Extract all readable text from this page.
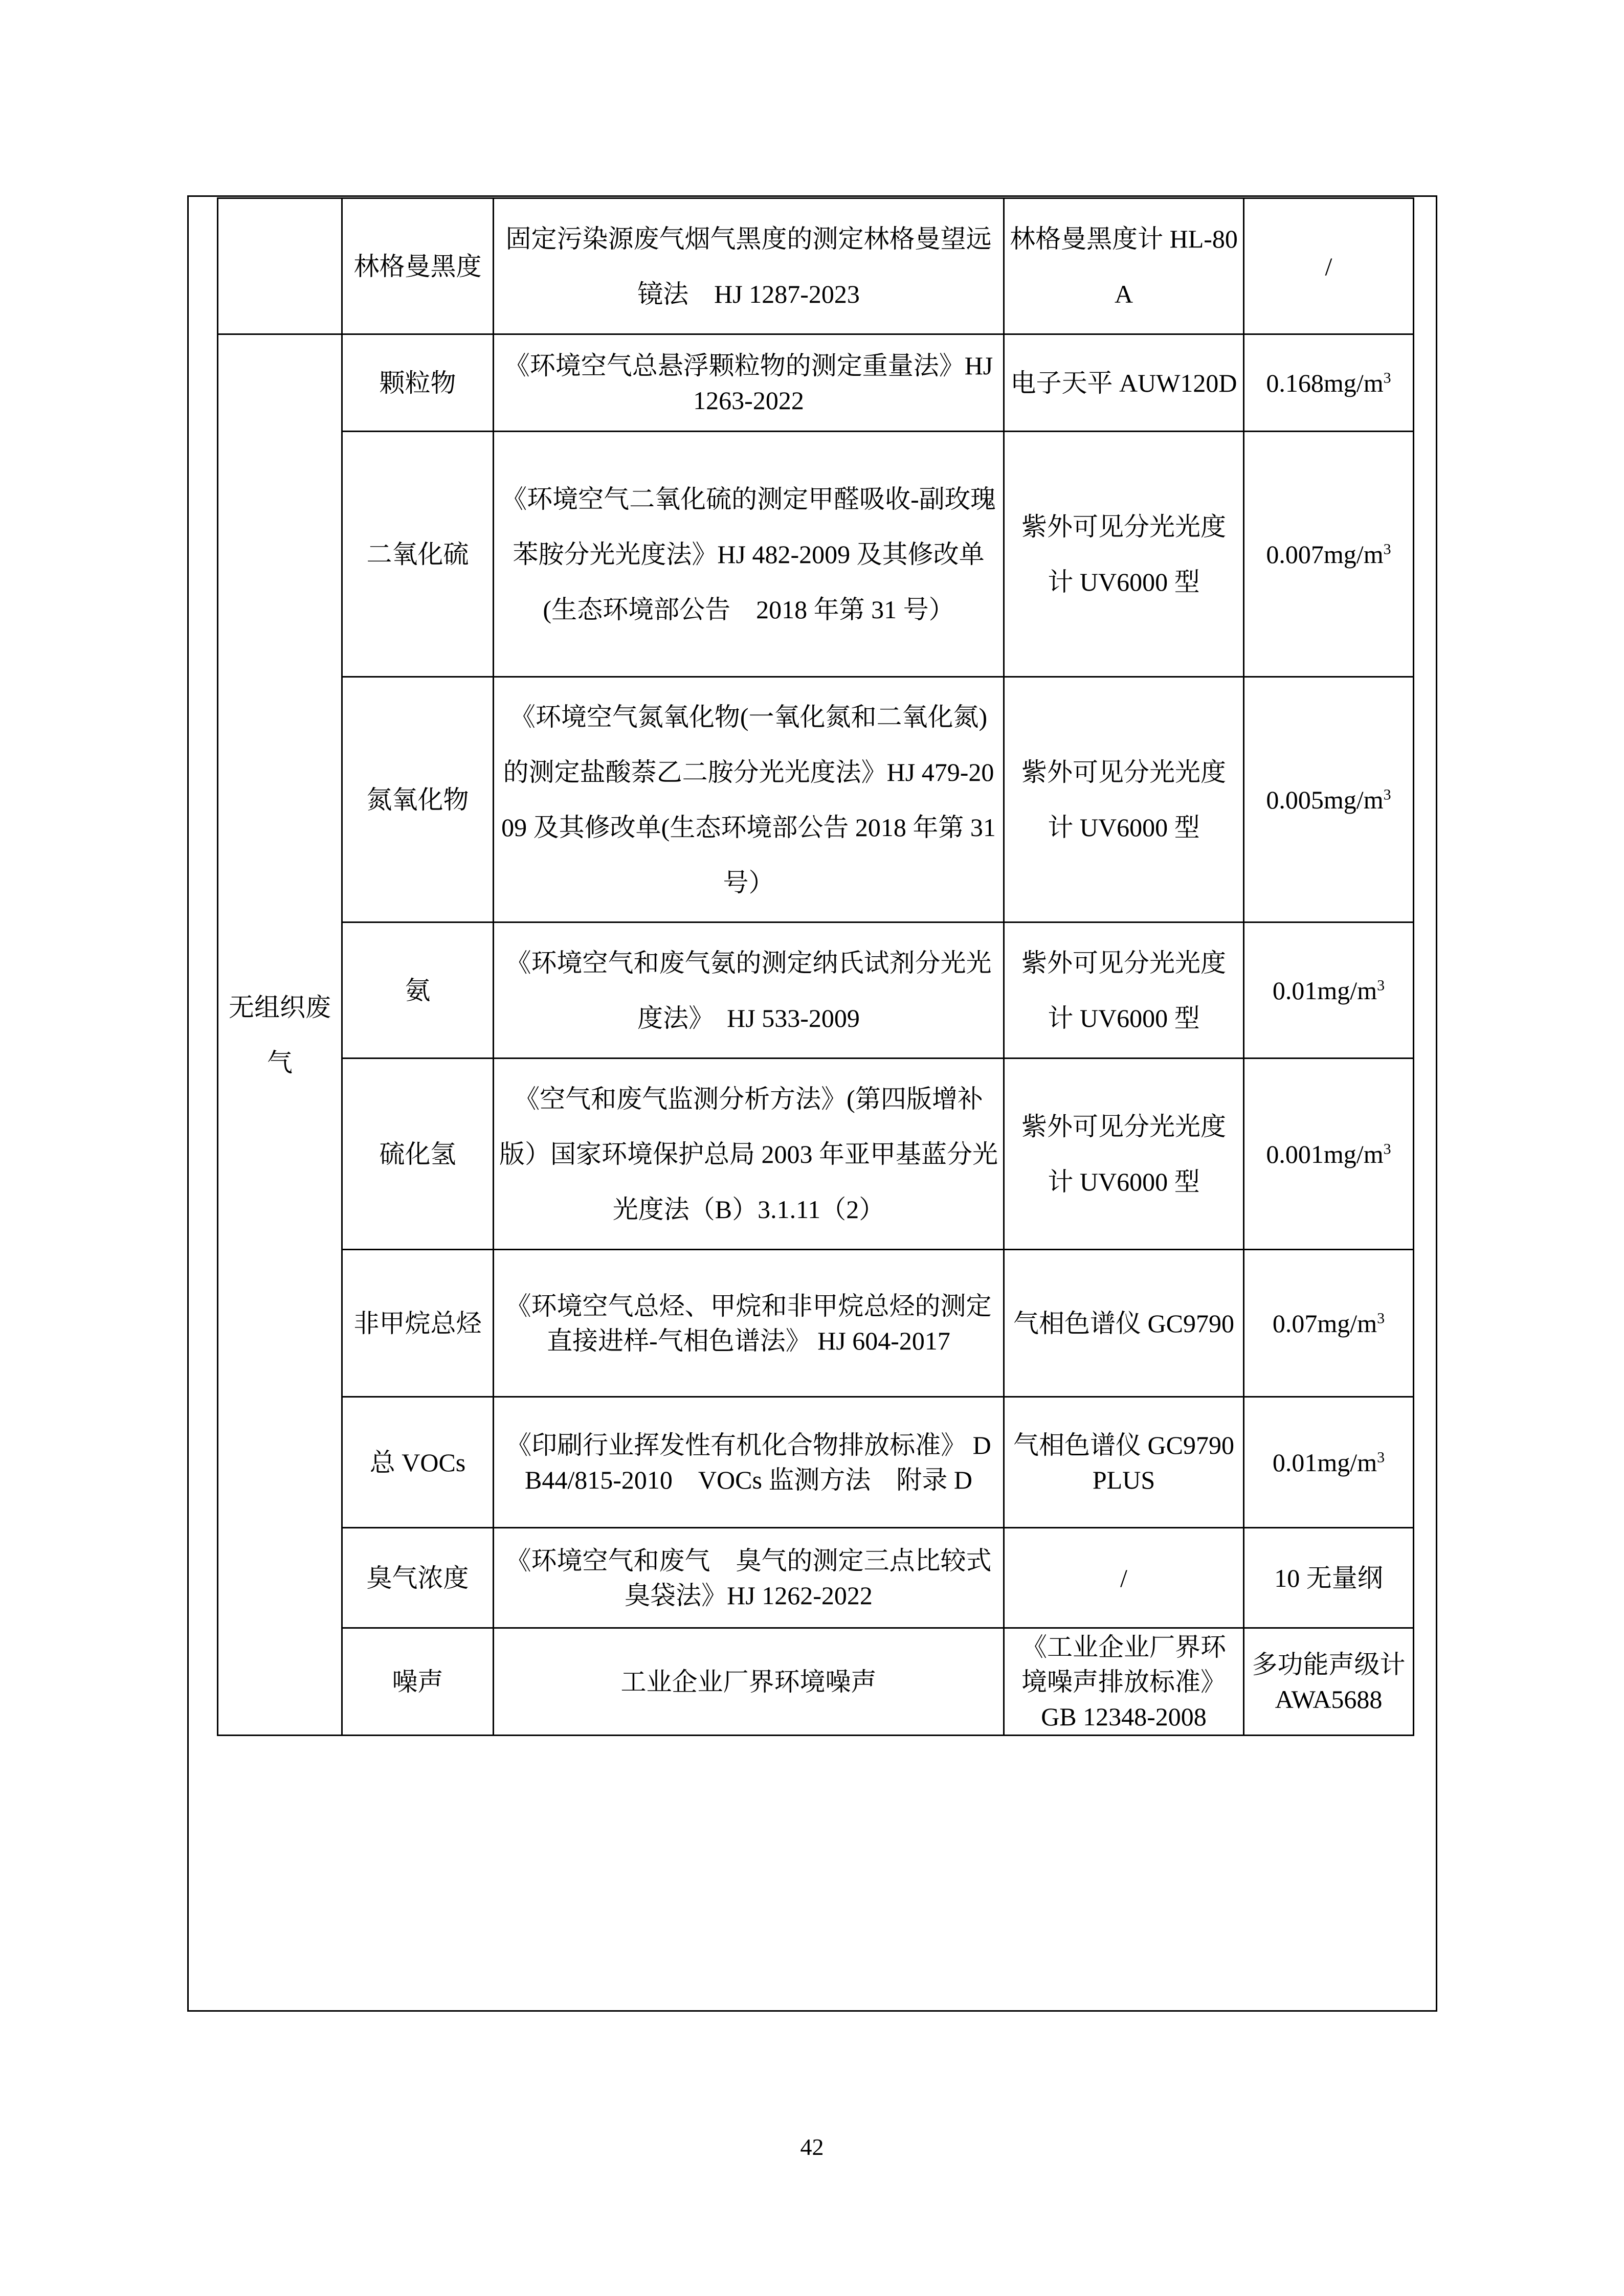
	林格曼黑度	固定污染源废气烟气黑度的测定林格曼望远镜法　HJ 1287-2023	林格曼黑度计 HL-80A	/	
无组织废气	颗粒物	《环境空气总悬浮颗粒物的测定重量法》HJ 1263-2022	电子天平 AUW120D	$0.168mg/m^3$
	二氧化硫	《环境空气二氧化硫的测定甲醛吸收-副玫瑰苯胺分光光度法》HJ 482-2009 及其修改单(生态环境部公告　2018 年第 31 号）	紫外可见分光光度计 UV6000 型	$0.007mg/m^3$
	氮氧化物	《环境空气氮氧化物(一氧化氮和二氧化氮)的测定盐酸萘乙二胺分光光度法》HJ 479-2009 及其修改单(生态环境部公告 2018 年第 31 号）	紫外可见分光光度计 UV6000 型	$0.005mg/m^3$
	氨	《环境空气和废气氨的测定纳氏试剂分光光度法》　HJ 533-2009	紫外可见分光光度计 UV6000 型	$0.01mg/m^3$
	硫化氢	《空气和废气监测分析方法》(第四版增补版）国家环境保护总局 2003 年亚甲基蓝分光光度法（B）3.1.11（2）	紫外可见分光光度计 UV6000 型	$0.001mg/m^3$
	非甲烷总烃	《环境空气总烃、甲烷和非甲烷总烃的测定直接进样-气相色谱法》 HJ 604-2017	气相色谱仪 GC9790	$0.07mg/m^3$
	总 VOCs	《印刷行业挥发性有机化合物排放标准》 DB44/815-2010　VOCs 监测方法　附录 D	气相色谱仪 GC9790 PLUS	$0.01mg/m^3$
	臭气浓度	《环境空气和废气　臭气的测定三点比较式臭袋法》HJ 1262-2022	/	10 无量纲	
	噪声	工业企业厂界环境噪声	《工业企业厂界环境噪声排放标准》 GB 12348-2008	多功能声级计 AWA5688	
42
